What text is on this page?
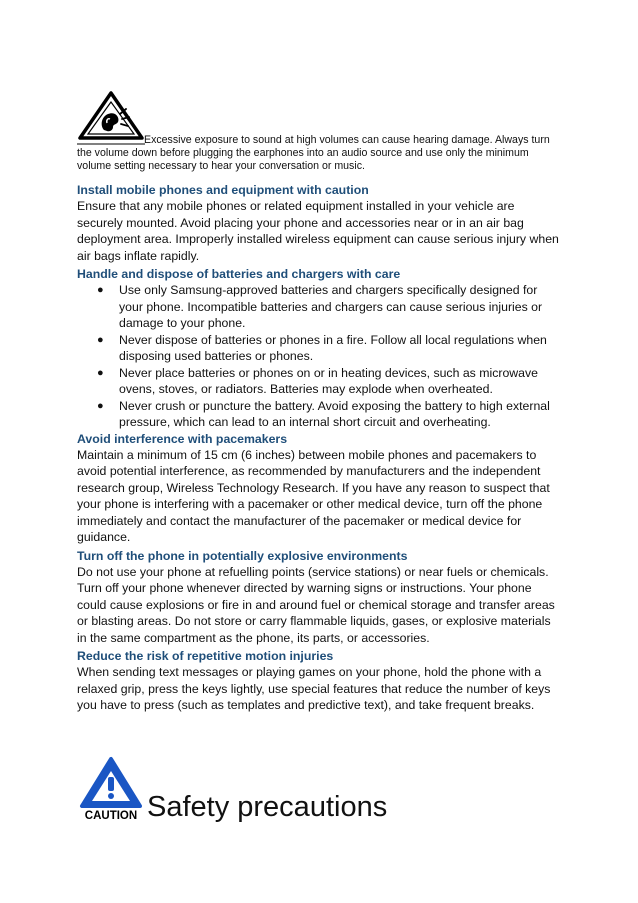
Excessive exposure to sound at high volumes can cause hearing damage. Always turn the volume down before plugging the earphones into an audio source and use only the minimum volume setting necessary to hear your conversation or music.
Install mobile phones and equipment with caution

Ensure that any mobile phones or related equipment installed in your vehicle are securely mounted. Avoid placing your phone and accessories near or in an air bag deployment area. Improperly installed wireless equipment can cause serious injury when air bags inflate rapidly.

Handle and dispose of batteries and chargers with care
● Use only Samsung-approved batteries and chargers specifically designed for your phone. Incompatible batteries and chargers can cause serious injuries or damage to your phone.
● Never dispose of batteries or phones in a fire. Follow all local regulations when disposing used batteries or phones.
● Never place batteries or phones on or in heating devices, such as microwave ovens, stoves, or radiators. Batteries may explode when overheated.
● Never crush or puncture the battery. Avoid exposing the battery to high external pressure, which can lead to an internal short circuit and overheating.
Avoid interference with pacemakers

Maintain a minimum of 15 cm (6 inches) between mobile phones and pacemakers to avoid potential interference, as recommended by manufacturers and the independent research group, Wireless Technology Research. If you have any reason to suspect that your phone is interfering with a pacemaker or other medical device, turn off the phone immediately and contact the manufacturer of the pacemaker or medical device for guidance.

Turn off the phone in potentially explosive environments

Do not use your phone at refuelling points (service stations) or near fuels or chemicals. Turn off your phone whenever directed by warning signs or instructions. Your phone could cause explosions or fire in and around fuel or chemical storage and transfer areas or blasting areas. Do not store or carry flammable liquids, gases, or explosive materials in the same compartment as the phone, its parts, or accessories.

Reduce the risk of repetitive motion injuries

When sending text messages or playing games on your phone, hold the phone with a relaxed grip, press the keys lightly, use special features that reduce the number of keys you have to press (such as templates and predictive text), and take frequent breaks.

CAUTION Safety precautions
